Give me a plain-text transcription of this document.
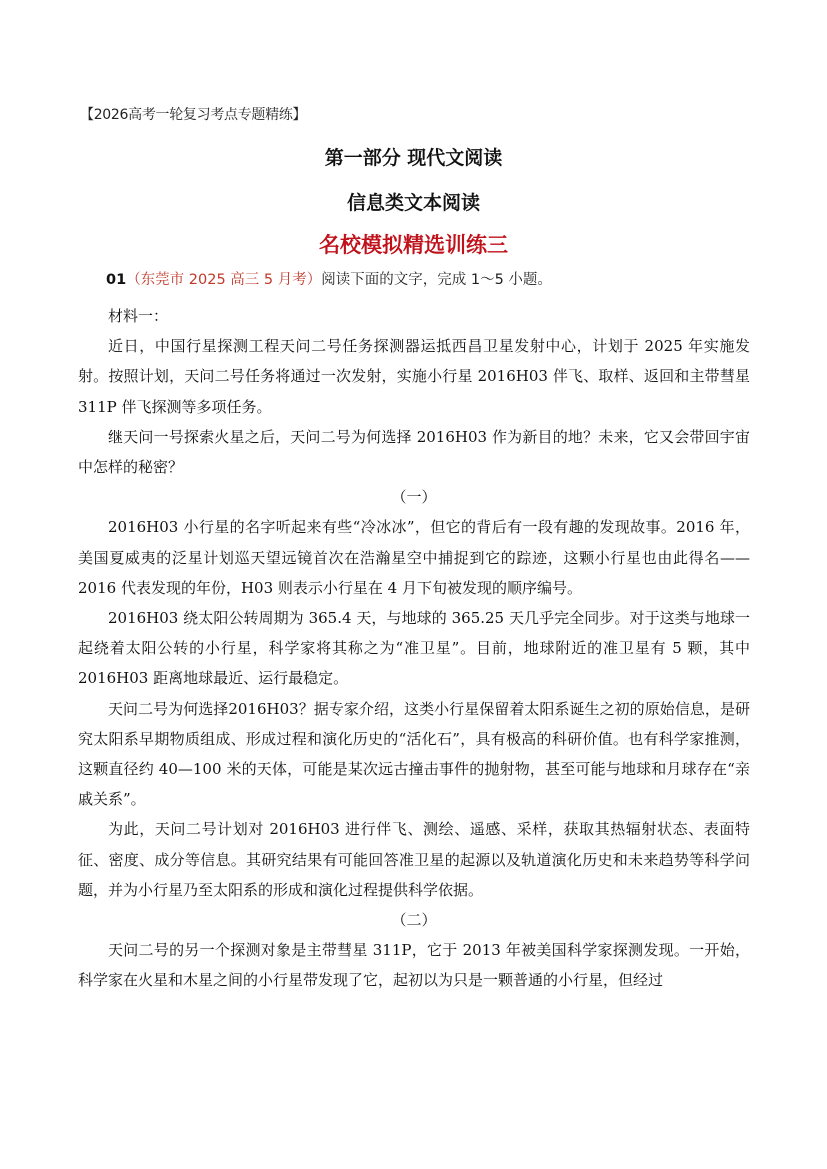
【2026高考一轮复习考点专题精练】
第一部分 现代文阅读
信息类文本阅读
名校模拟精选训练三
01（东莞市 2025 高三 5 月考）阅读下面的文字，完成 1～5 小题。

材料一：

近日，中国行星探测工程天问二号任务探测器运抵西昌卫星发射中心，计划于 2025 年实施发射。按照计划，天问二号任务将通过一次发射，实施小行星 2016H03 伴飞、取样、返回和主带彗星 311P 伴飞探测等多项任务。

继天问一号探索火星之后，天问二号为何选择 2016H03 作为新目的地？未来，它又会带回宇宙中怎样的秘密？

（一）

2016H03 小行星的名字听起来有些“冷冰冰”，但它的背后有一段有趣的发现故事。2016 年，美国夏威夷的泛星计划巡天望远镜首次在浩瀚星空中捕捉到它的踪迹，这颗小行星也由此得名——2016 代表发现的年份，H03 则表示小行星在 4 月下旬被发现的顺序编号。

2016H03 绕太阳公转周期为 365.4 天，与地球的 365.25 天几乎完全同步。对于这类与地球一起绕着太阳公转的小行星，科学家将其称之为“准卫星”。目前，地球附近的准卫星有 5 颗，其中 2016H03 距离地球最近、运行最稳定。

天问二号为何选择2016H03？据专家介绍，这类小行星保留着太阳系诞生之初的原始信息，是研究太阳系早期物质组成、形成过程和演化历史的“活化石”，具有极高的科研价值。也有科学家推测，这颗直径约 40—100 米的天体，可能是某次远古撞击事件的抛射物，甚至可能与地球和月球存在“亲戚关系”。

为此，天问二号计划对 2016H03 进行伴飞、测绘、遥感、采样，获取其热辐射状态、表面特征、密度、成分等信息。其研究结果有可能回答准卫星的起源以及轨道演化历史和未来趋势等科学问题，并为小行星乃至太阳系的形成和演化过程提供科学依据。

（二）

天问二号的另一个探测对象是主带彗星 311P，它于 2013 年被美国科学家探测发现。一开始，科学家在火星和木星之间的小行星带发现了它，起初以为只是一颗普通的小行星，但经过
